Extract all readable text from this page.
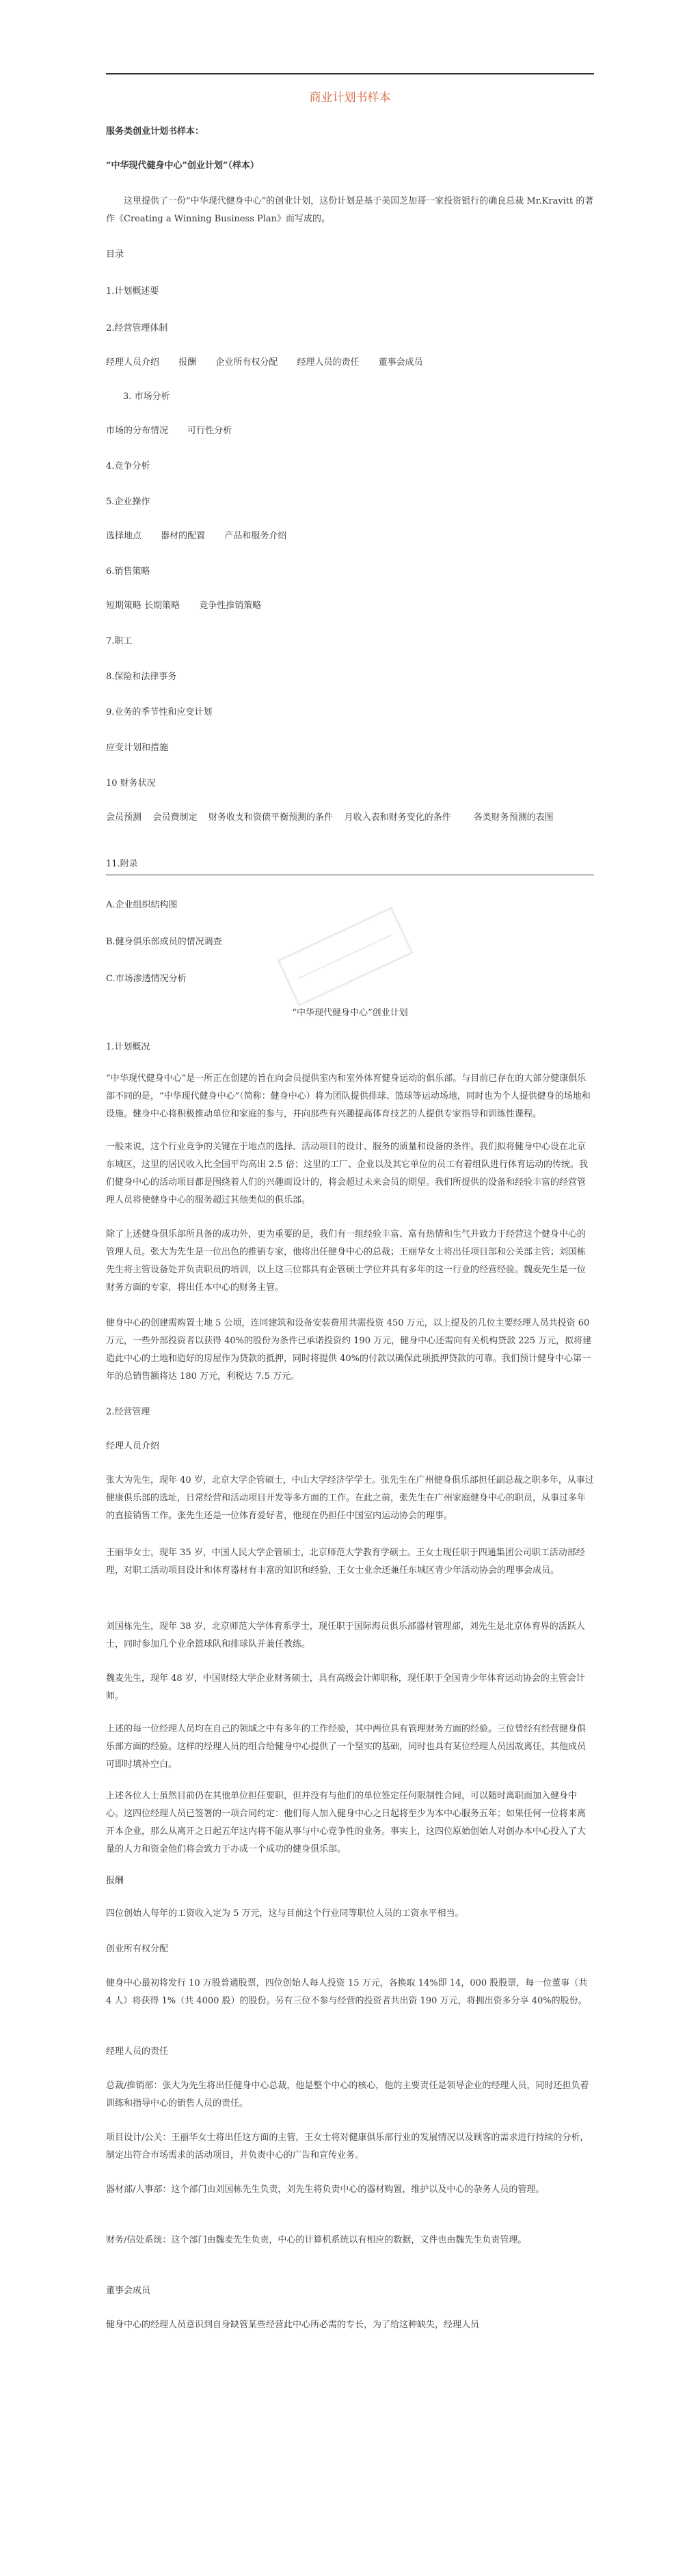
商业计划书样本

服务类创业计划书样本：

“中华现代健身中心”创业计划”（样本）

这里提供了一份“中华现代健身中心”的创业计划，这份计划是基于美国芝加哥一家投资银行的确良总裁 Mr.Kravitt 的著作《Creating a Winning Business Plan》而写成的。

目录

1.计划概述要

2.经营管理体制

经理人员介绍 报酬 企业所有权分配 经理人员的责任 董事会成员

3. 市场分析

市场的分布情况 可行性分析

4.竞争分析

5.企业操作

选择地点 器材的配置 产品和服务介绍

6.销售策略

短期策略 长期策略 竞争性推销策略

7.职工

8.保险和法律事务

9.业务的季节性和应变计划

应变计划和措施

10 财务状况

会员预测    会员费制定    财务收支和资债平衡预测的条件    月收入表和财务变化的条件        各类财务预测的表图

11.附录

A.企业组织结构图

B.健身俱乐部成员的情况调查

C.市场渗透情况分析

“中华现代健身中心”创业计划

1.计划概况

“中华现代健身中心”是一所正在创建的旨在向会员提供室内和室外体育健身运动的俱乐部。与目前已存在的大部分健康俱乐部不同的是，“中华现代健身中心”（简称：健身中心）将为团队提供排球、篮球等运动场地，同时也为个人提供健身的场地和设施。健身中心将积极推动单位和家庭的参与，并向那些有兴趣提高体育技艺的人提供专家指导和训练性课程。

一般来说，这个行业竞争的关键在于地点的选择、活动项目的设计、服务的质量和设备的条件。我们拟将健身中心设在北京东城区，这里的居民收入比全国平均高出 2.5 倍；这里的工厂、企业以及其它单位的员工有着组队进行体育运动的传统。我们健身中心的活动项目都是围绕着人们的兴趣而设计的，将会超过未来会员的期望。我们所提供的设备和经验丰富的经营管理人员将使健身中心的服务超过其他类似的俱乐部。

除了上述健身俱乐部所具备的成功外，更为重要的是，我们有一组经验丰富、富有热情和生气并致力于经营这个健身中心的管理人员。张大为先生是一位出色的推销专家，他将出任健身中心的总裁；王丽华女士将出任项目部和公关部主管；刘国栋先生将主管设备处并负责职员的培训，以上这三位都具有企管硕士学位并具有多年的这一行业的经营经验。魏麦先生是一位财务方面的专家，将出任本中心的财务主管。

健身中心的创建需购置土地 5 公顷，连同建筑和设备安装费用共需投资 450 万元，以上提及的几位主要经理人员共投资 60 万元，一些外部投资者以获得 40%的股份为条件已承诺投资约 190 万元，健身中心还需向有关机构贷款 225 万元，拟将建造此中心的土地和造好的房屋作为贷款的抵押，同时将提供 40%的付款以确保此项抵押贷款的可靠。我们预计健身中心第一年的总销售额将达 180 万元，利税达 7.5 万元。

2.经营管理

经理人员介绍

张大为先生，现年 40 岁，北京大学企管硕士，中山大学经济学学士。张先生在广州健身俱乐部担任副总裁之职多年，从事过健康俱乐部的选址，日常经营和活动项目开发等多方面的工作。在此之前，张先生在广州家庭健身中心的职员，从事过多年的直接销售工作。张先生还是一位体育爱好者，他现在仍担任中国室内运动协会的理事。

王丽华女士，现年 35 岁，中国人民大学企管硕士，北京师范大学教育学硕士。王女士现任职于四通集团公司职工活动部经理，对职工活动项目设计和体育器材有丰富的知识和经验，王女士业余还兼任东城区青少年活动协会的理事会成员。

刘国栋先生，现年 38 岁，北京师范大学体育系学士，现任职于国际海员俱乐部器材管理部，刘先生是北京体育界的活跃人士，同时参加几个业余篮球队和排球队并兼任教练。

魏麦先生，现年 48 岁，中国财经大学企业财务硕士，具有高级会计师职称，现任职于全国青少年体育运动协会的主管会计师。

上述的每一位经理人员均在自己的领域之中有多年的工作经验，其中两位具有管理财务方面的经验。三位曾经有经营健身俱乐部方面的经验。这样的经理人员的组合给健身中心提供了一个坚实的基础，同时也具有某位经理人员因故离任，其他成员可即时填补空白。

上述各位人士虽然目前仍在其他单位担任要职，但并没有与他们的单位签定任何限制性合同，可以随时离职而加入健身中心。这四位经理人员已签署的一项合同约定：他们每人加入健身中心之日起将至少为本中心服务五年；如果任何一位将来离开本企业，那么从离开之日起五年这内将不能从事与中心竞争性的业务。事实上，这四位原始创始人对创办本中心投入了大量的人力和资金他们将会致力于办成一个成功的健身俱乐部。

报酬

四位创始人每年的工资收入定为 5 万元，这与目前这个行业同等职位人员的工资水平相当。

创业所有权分配

健身中心最初将发行 10 万股普通股票，四位创始人每人投资 15 万元，各换取 14%即 14，000 股股票，每一位董事（共 4 人）将获得 1%（共 4000 股）的股份。另有三位不参与经营的投资者共出资 190 万元，将拥出资多分享 40%的股份。

经理人员的责任

总裁/推销部：张大为先生将出任健身中心总裁，他是整个中心的核心，他的主要责任是领导企业的经理人员，同时还担负着训练和指导中心的销售人员的责任。

项目设计/公关：王丽华女士将出任这方面的主管，王女士将对健康俱乐部行业的发展情况以及顾客的需求进行持续的分析，制定出符合市场需求的活动项目，并负责中心的广告和宣传业务。

器材部/人事部：这个部门由刘国栋先生负责，刘先生将负责中心的器材购置，维护以及中心的杂务人员的管理。

财务/信处系统：这个部门由魏麦先生负责，中心的计算机系统以有相应的数据，文件也由魏先生负责管理。

董事会成员

健身中心的经理人员意识到自身缺管某些经营此中心所必需的专长，为了给这种缺失，经理人员
